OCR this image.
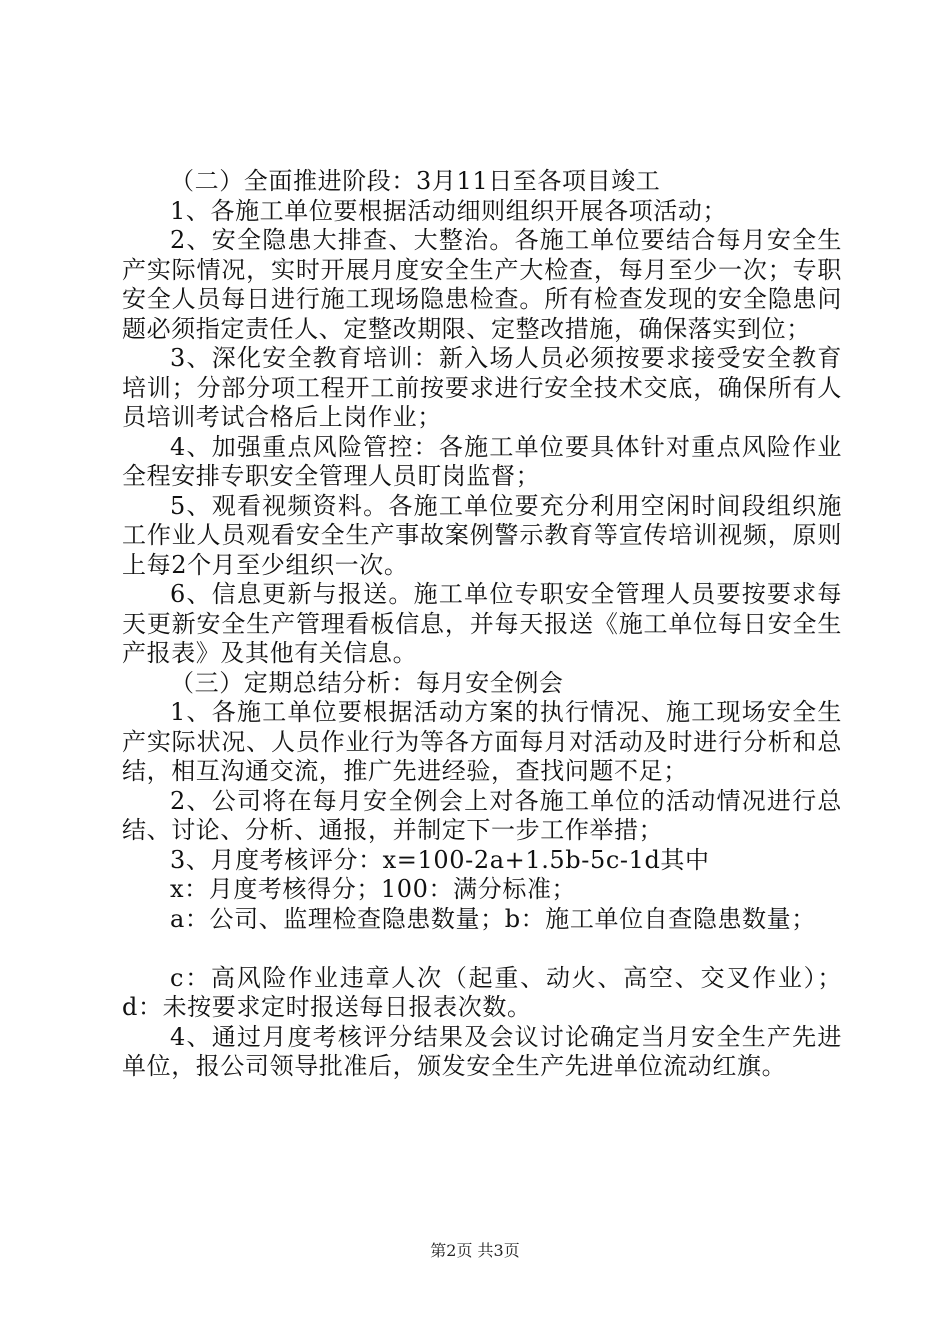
（二）全面推进阶段：3月11日至各项目竣工

1、各施工单位要根据活动细则组织开展各项活动；

2、安全隐患大排查、大整治。各施工单位要结合每月安全生产实际情况，实时开展月度安全生产大检查，每月至少一次；专职安全人员每日进行施工现场隐患检查。所有检查发现的安全隐患问题必须指定责任人、定整改期限、定整改措施，确保落实到位；

3、深化安全教育培训：新入场人员必须按要求接受安全教育培训；分部分项工程开工前按要求进行安全技术交底，确保所有人员培训考试合格后上岗作业；

4、加强重点风险管控：各施工单位要具体针对重点风险作业全程安排专职安全管理人员盯岗监督；

5、观看视频资料。各施工单位要充分利用空闲时间段组织施工作业人员观看安全生产事故案例警示教育等宣传培训视频，原则上每2个月至少组织一次。

6、信息更新与报送。施工单位专职安全管理人员要按要求每天更新安全生产管理看板信息，并每天报送《施工单位每日安全生产报表》及其他有关信息。

（三）定期总结分析：每月安全例会

1、各施工单位要根据活动方案的执行情况、施工现场安全生产实际状况、人员作业行为等各方面每月对活动及时进行分析和总结，相互沟通交流，推广先进经验，查找问题不足；

2、公司将在每月安全例会上对各施工单位的活动情况进行总结、讨论、分析、通报，并制定下一步工作举措；

3、月度考核评分：x=100-2a+1.5b-5c-1d其中

x：月度考核得分；100：满分标准；

a：公司、监理检查隐患数量；b：施工单位自查隐患数量；

c：高风险作业违章人次（起重、动火、高空、交叉作业）；d：未按要求定时报送每日报表次数。

4、通过月度考核评分结果及会议讨论确定当月安全生产先进单位，报公司领导批准后，颁发安全生产先进单位流动红旗。

第2页 共3页
